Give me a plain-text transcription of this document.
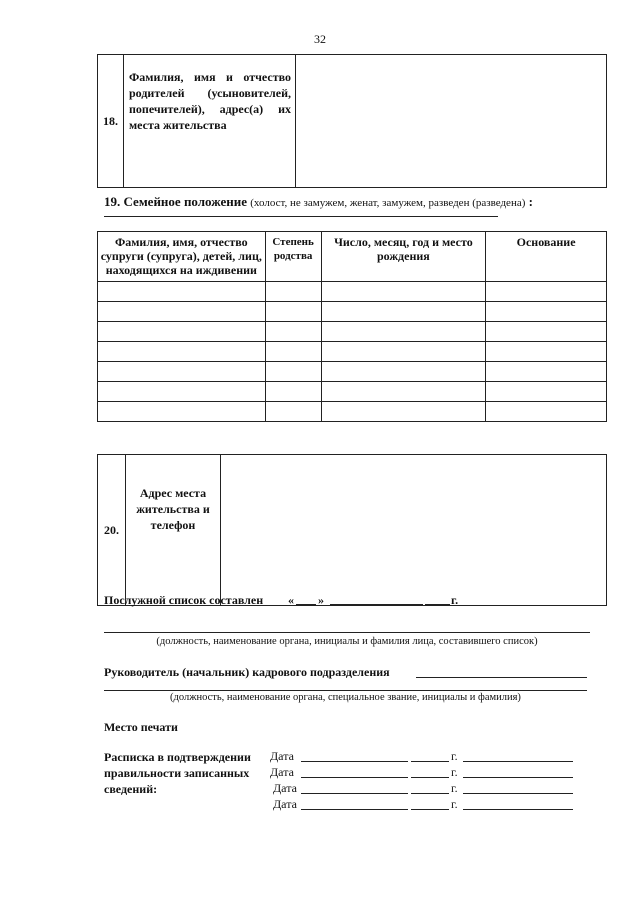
32
18.	Фамилия, имя и отчество родителей (усыновителей, попечителей), адрес(а) их места жительства	
19. Семейное положение (холост, не замужем, женат, замужем, разведен (разведена) :
Фамилия, имя, отчество супруги (супруга), детей, лиц, находящихся на иждивении	Степень родства	Число, месяц, год и место рождения	Основание

20.	Адрес места жительства и телефон	
Послужной список составлен « »	г.
(должность, наименование органа, инициалы и фамилия лица, составившего список)
Руководитель (начальник) кадрового подразделения
(должность, наименование органа, специальное звание, инициалы и фамилия)
Место печати
Расписка в подтверждении
правильности записанных
сведений:
Дата	г.
Дата	г.
Дата	г.
Дата	г.
